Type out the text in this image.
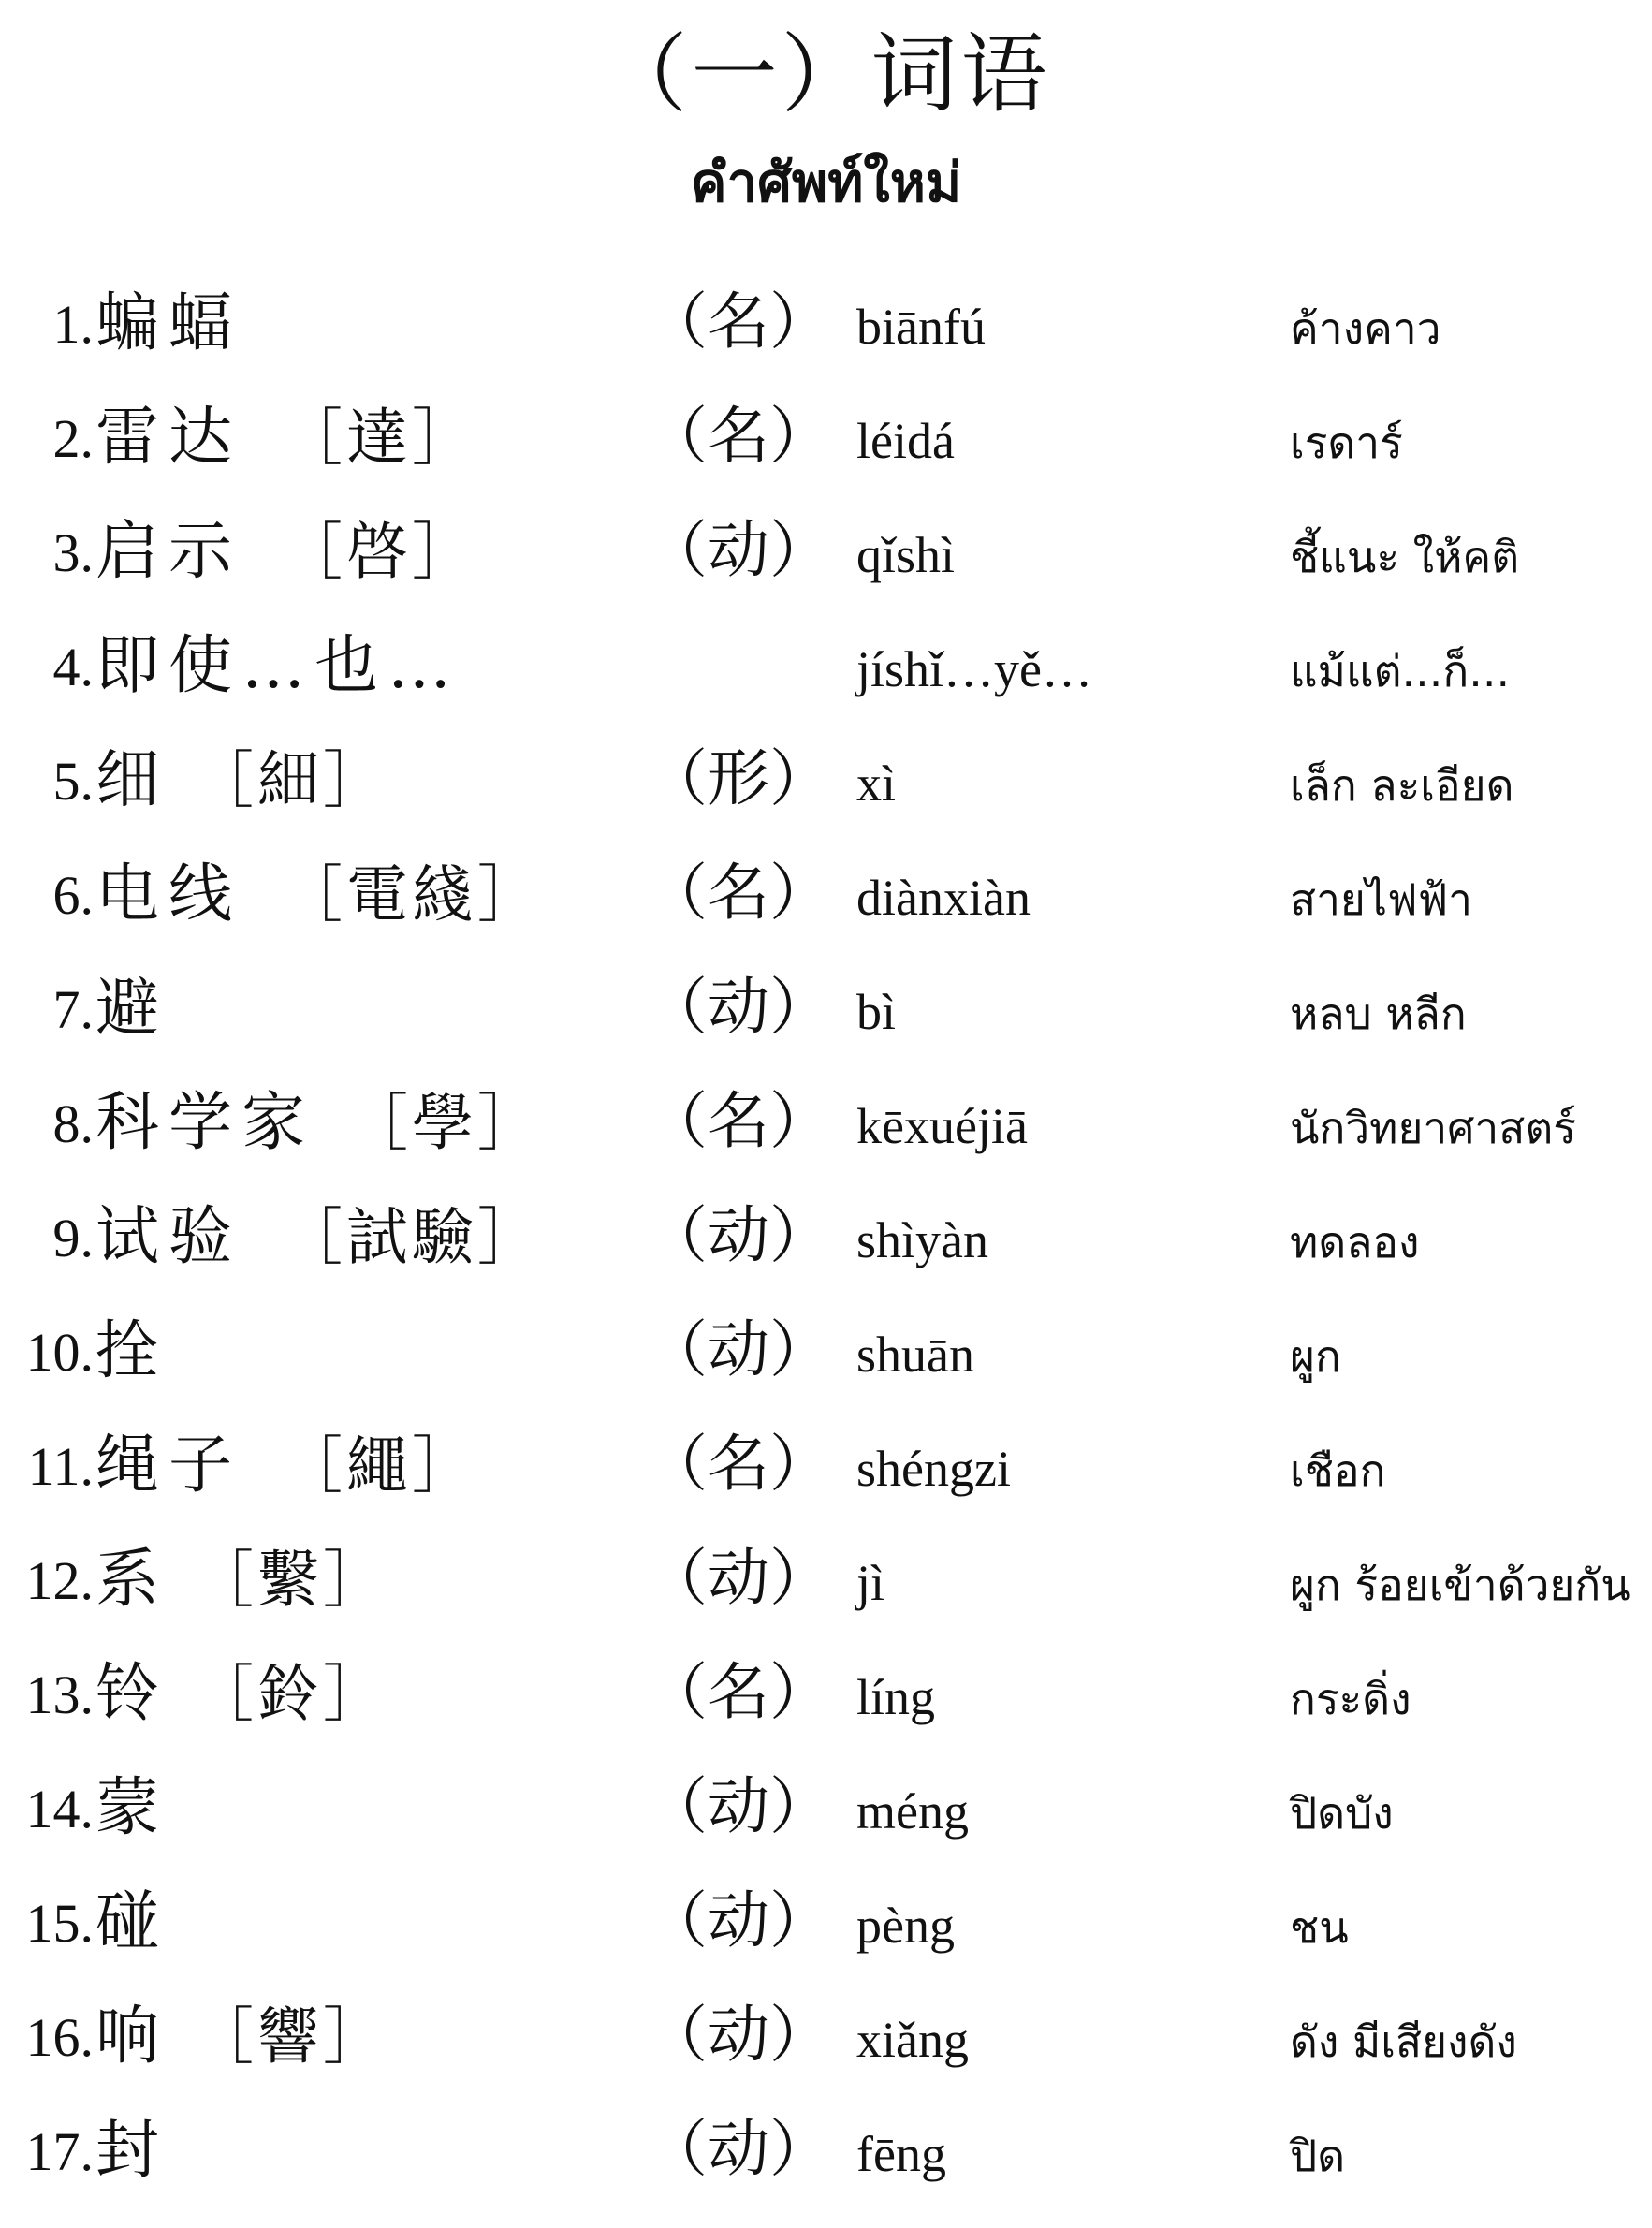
（一）词语
คำศัพท์ใหม่
1. 蝙蝠	（名） biānfú	ค้างคาว
2. 雷达 ［達］	（名） léidá	เรดาร์
3. 启示 ［啓］	（动） qǐshì	ชี้แนะ ให้คติ
4. 即使…也…	jíshǐ…yě…	แม้แต่...ก็...
5. 细 ［細］	（形） xì	เล็ก ละเอียด
6. 电线 ［電綫］ （名） diànxiàn	สายไฟฟ้า
7. 避	（动） bì	หลบ หลีก
8. 科学家 ［學］ （名） kēxuéjiā	นักวิทยาศาสตร์
9. 试验 ［試驗］ （动） shìyàn	ทดลอง
10. 拴	（动） shuān	ผูก
11. 绳子 ［繩］	（名） shéngzi	เชือก
12. 系 ［繫］	（动） jì	ผูก ร้อยเข้าด้วยกัน
13. 铃 ［鈴］	（名） líng	กระดิ่ง
14. 蒙	（动） méng	ปิดบัง
15. 碰	（动） pèng	ชน
16. 响 ［響］	（动） xiǎng	ดัง มีเสียงดัง
17. 封	（动） fēng	ปิด
